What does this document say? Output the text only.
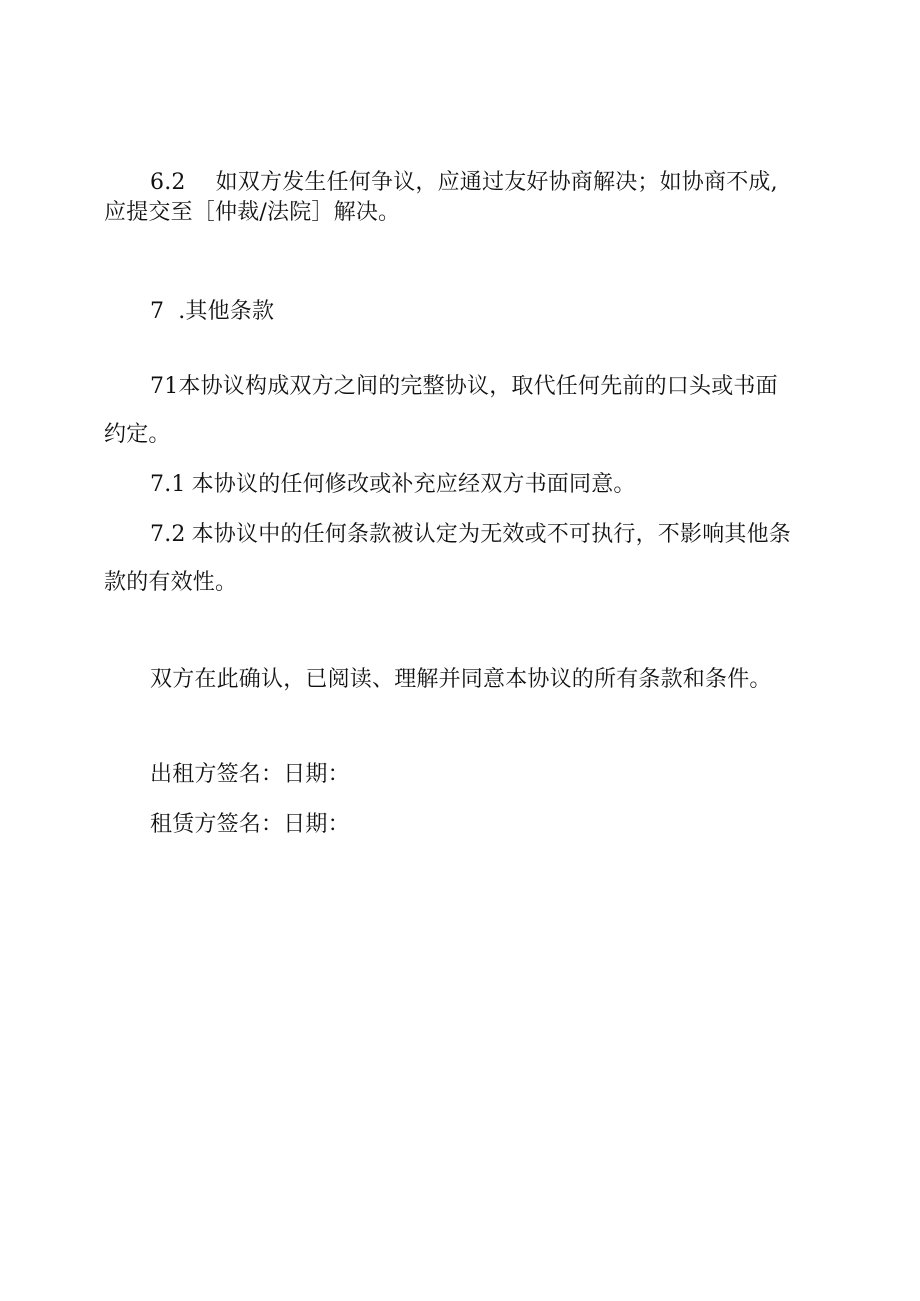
6.2 如双方发生任何争议，应通过友好协商解决；如协商不成,
应提交至［仲裁/法院］解决。
7 .其他条款
71本协议构成双方之间的完整协议，取代任何先前的口头或书面
约定。
7.1 本协议的任何修改或补充应经双方书面同意。
7.2 本协议中的任何条款被认定为无效或不可执行，不影响其他条
款的有效性。
双方在此确认，已阅读、理解并同意本协议的所有条款和条件。
出租方签名：日期：
租赁方签名：日期：
